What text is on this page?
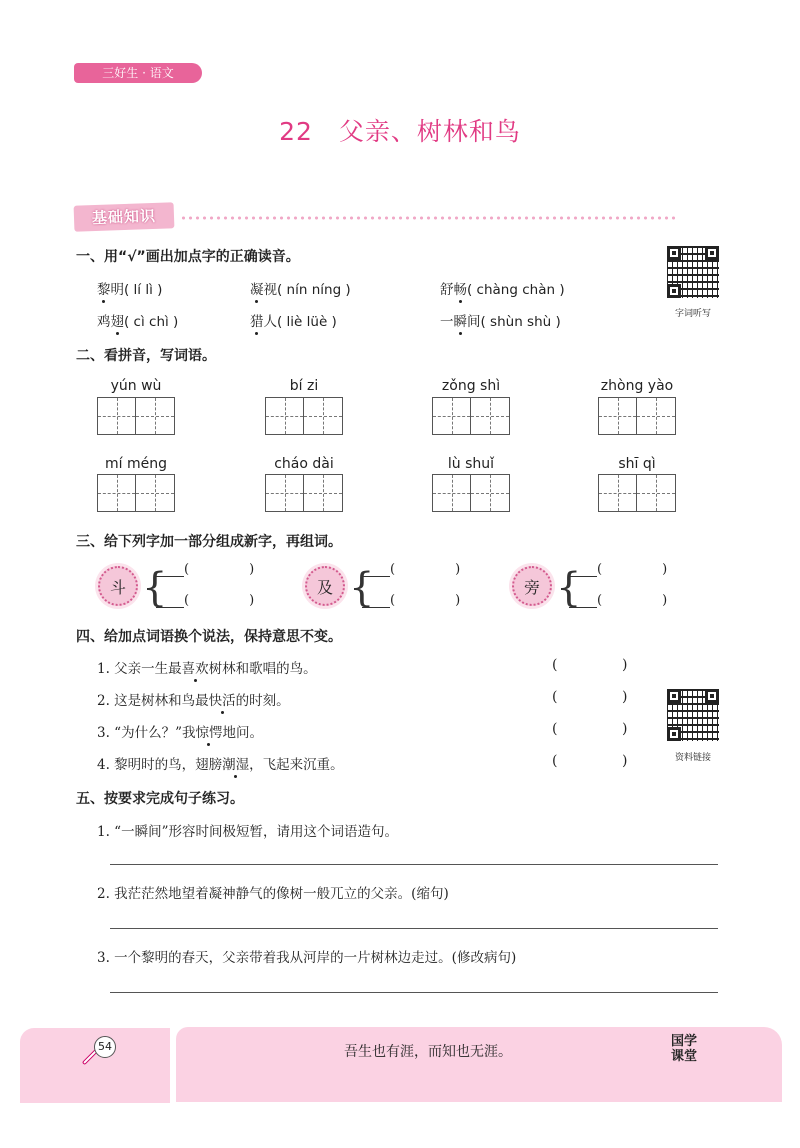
三好生 · 语文
22 父亲、树林和鸟
基础知识
一、用“√”画出加点字的正确读音。
黎明( lí lì )	凝视( nín níng )	舒畅( chàng chàn )
鸡翅( cì chì )	猎人( liè lüè )	一瞬间( shùn shù )	字词听写
二、看拼音，写词语。
yún wù	bí zi	zǒng shì	zhòng yào
mí méng	cháo dài	lù shuǐ	shī qì
三、给下列字加一部分组成新字，再组词。
斗 {	(	)
(	)
及 {	(	)
(	)
旁 {	(	)
(	)
四、给加点词语换个说法，保持意思不变。
1. 父亲一生最喜欢树林和歌唱的鸟。
2. 这是树林和鸟最快活的时刻。
3. “为什么？”我惊愕地问。
4. 黎明时的鸟，翅膀潮湿，飞起来沉重。
(	)
(	)
(	)
(	)	资料链接
五、按要求完成句子练习。
1. “一瞬间”形容时间极短暂，请用这个词语造句。
2. 我茫茫然地望着凝神静气的像树一般兀立的父亲。(缩句)
3. 一个黎明的春天，父亲带着我从河岸的一片树林边走过。(修改病句)
54	吾生也有涯，而知也无涯。
国学
课堂
